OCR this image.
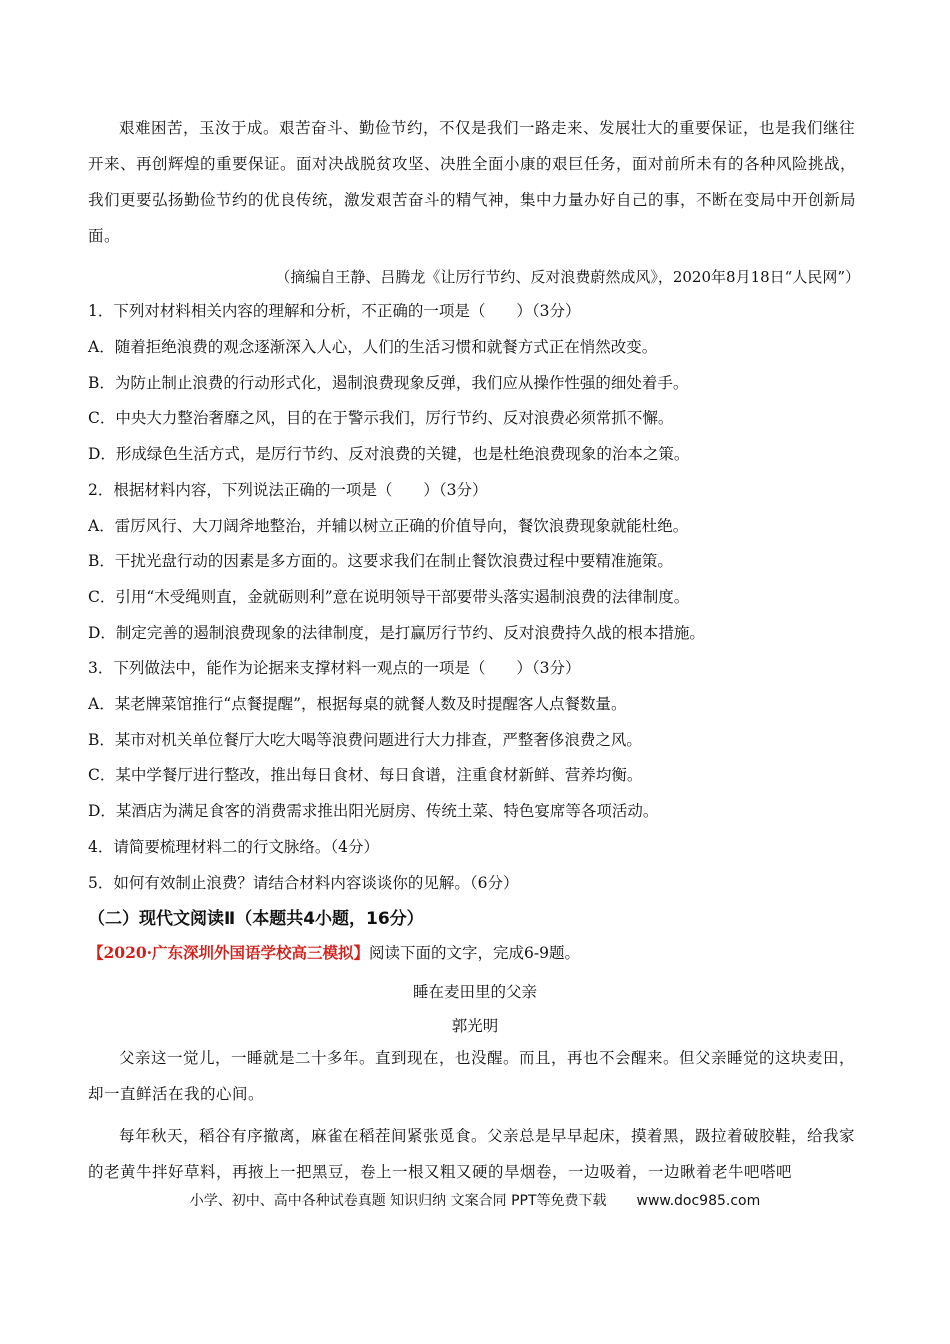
艰难困苦，玉汝于成。艰苦奋斗、勤俭节约，不仅是我们一路走来、发展壮大的重要保证，也是我们继往开来、再创辉煌的重要保证。面对决战脱贫攻坚、决胜全面小康的艰巨任务，面对前所未有的各种风险挑战，我们更要弘扬勤俭节约的优良传统，激发艰苦奋斗的精气神，集中力量办好自己的事，不断在变局中开创新局面。

（摘编自王静、吕腾龙《让厉行节约、反对浪费蔚然成风》，2020年8月18日“人民网”）

1．下列对材料相关内容的理解和分析，不正确的一项是（　　）（3分）

A．随着拒绝浪费的观念逐渐深入人心，人们的生活习惯和就餐方式正在悄然改变。

B．为防止制止浪费的行动形式化，遏制浪费现象反弹，我们应从操作性强的细处着手。

C．中央大力整治奢靡之风，目的在于警示我们，厉行节约、反对浪费必须常抓不懈。

D．形成绿色生活方式，是厉行节约、反对浪费的关键，也是杜绝浪费现象的治本之策。

2．根据材料内容，下列说法正确的一项是（　　）（3分）

A．雷厉风行、大刀阔斧地整治，并辅以树立正确的价值导向，餐饮浪费现象就能杜绝。

B．干扰光盘行动的因素是多方面的。这要求我们在制止餐饮浪费过程中要精准施策。

C．引用“木受绳则直，金就砺则利”意在说明领导干部要带头落实遏制浪费的法律制度。

D．制定完善的遏制浪费现象的法律制度，是打赢厉行节约、反对浪费持久战的根本措施。

3．下列做法中，能作为论据来支撑材料一观点的一项是（　　）（3分）

A．某老牌菜馆推行“点餐提醒”，根据每桌的就餐人数及时提醒客人点餐数量。

B．某市对机关单位餐厅大吃大喝等浪费问题进行大力排查，严整奢侈浪费之风。

C．某中学餐厅进行整改，推出每日食材、每日食谱，注重食材新鲜、营养均衡。

D．某酒店为满足食客的消费需求推出阳光厨房、传统土菜、特色宴席等各项活动。

4．请简要梳理材料二的行文脉络。（4分）

5．如何有效制止浪费？请结合材料内容谈谈你的见解。（6分）

（二）现代文阅读Ⅱ（本题共4小题，16分）

【2020·广东深圳外国语学校高三模拟】阅读下面的文字，完成6-9题。

睡在麦田里的父亲
郭光明

父亲这一觉儿，一睡就是二十多年。直到现在，也没醒。而且，再也不会醒来。但父亲睡觉的这块麦田，却一直鲜活在我的心间。

每年秋天，稻谷有序撤离，麻雀在稻茬间紧张觅食。父亲总是早早起床，摸着黑，趿拉着破胶鞋，给我家的老黄牛拌好草料，再掖上一把黑豆，卷上一根又粗又硬的旱烟卷，一边吸着，一边瞅着老牛吧嗒吧

小学、初中、高中各种试卷真题 知识归纳 文案合同 PPT等免费下载 www.doc985.com
